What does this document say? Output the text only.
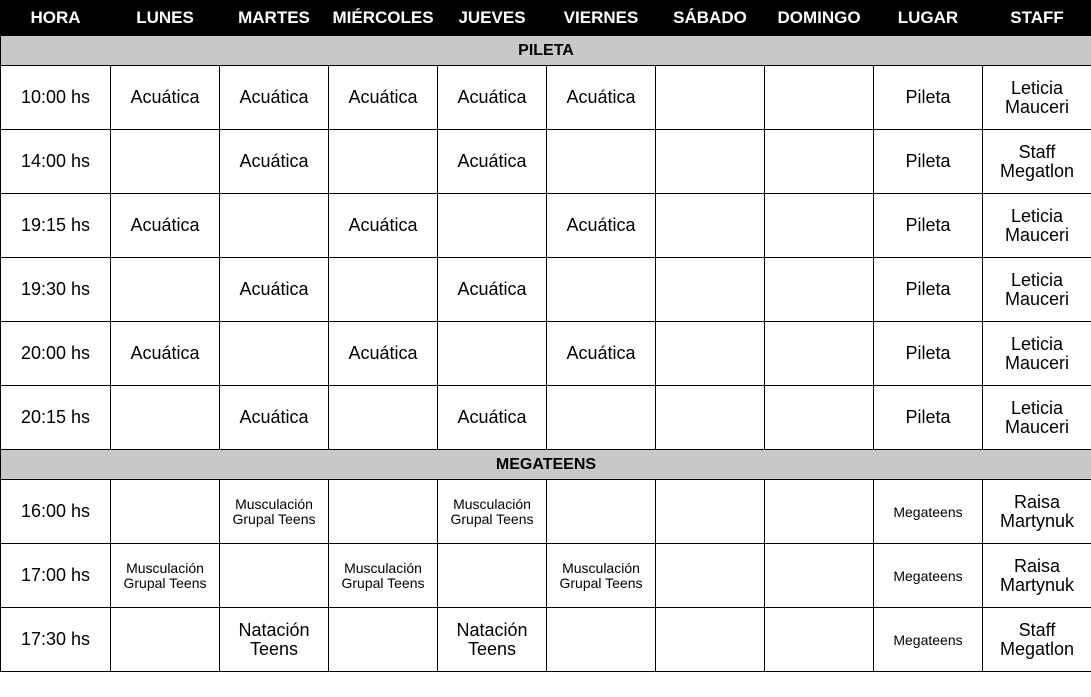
HORA	LUNES	MARTES	MIÉRCOLES	JUEVES	VIERNES	SÁBADO	DOMINGO	LUGAR	STAFF
PILETA									
10:00 hs	Acuática	Acuática	Acuática	Acuática	Acuática			Pileta	Leticia
Mauceri
14:00 hs		Acuática		Acuática				Pileta	Staff
Megatlon
19:15 hs	Acuática		Acuática		Acuática			Pileta	Leticia
Mauceri
19:30 hs		Acuática		Acuática				Pileta	Leticia
Mauceri
20:00 hs	Acuática		Acuática		Acuática			Pileta	Leticia
Mauceri
20:15 hs		Acuática		Acuática				Pileta	Leticia
Mauceri
MEGATEENS									
16:00 hs		Musculación
Grupal Teens		Musculación
Grupal Teens				Megateens	Raisa
Martynuk
17:00 hs	Musculación
Grupal Teens		Musculación
Grupal Teens		Musculación
Grupal Teens			Megateens	Raisa
Martynuk
17:30 hs		Natación
Teens		Natación
Teens				Megateens	Staff
Megatlon
